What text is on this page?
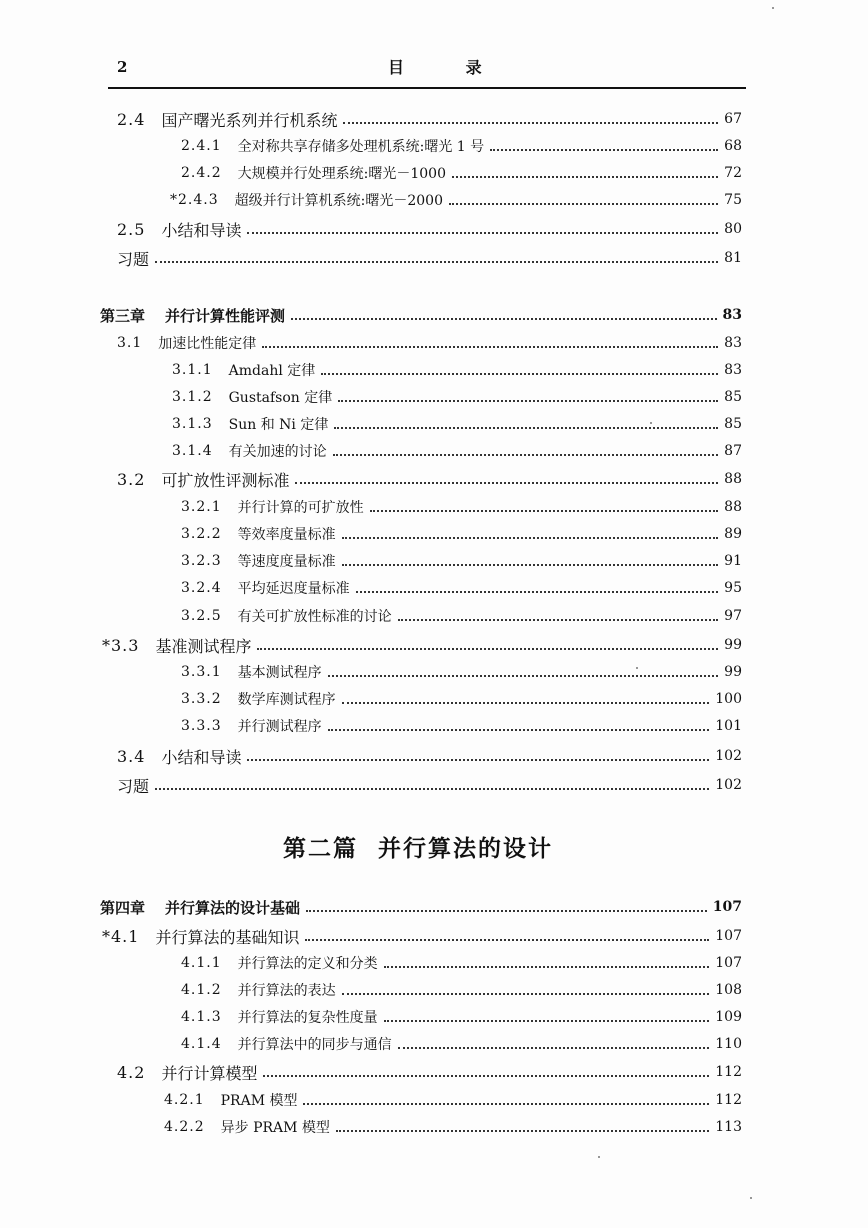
2	目 录
2.4 国产曙光系列并行机系统	67
2.4.1 全对称共享存储多处理机系统:曙光 1 号	68
2.4.2 大规模并行处理系统:曙光－1000	72
*2.4.3 超级并行计算机系统:曙光－2000	75
2.5 小结和导读	80
习题	81
第三章 并行计算性能评测	83
3.1 加速比性能定律	83
3.1.1 Amdahl 定律	83
3.1.2 Gustafson 定律	85
3.1.3 Sun 和 Ni 定律	85
3.1.4 有关加速的讨论	87
3.2 可扩放性评测标准	88
3.2.1 并行计算的可扩放性	88
3.2.2 等效率度量标准	89
3.2.3 等速度度量标准	91
3.2.4 平均延迟度量标准	95
3.2.5 有关可扩放性标准的讨论	97
*3.3 基准测试程序	99
3.3.1 基本测试程序	99
3.3.2 数学库测试程序	100
3.3.3 并行测试程序	101
3.4 小结和导读	102
习题	102
第二篇 并行算法的设计
第四章 并行算法的设计基础	107
*4.1 并行算法的基础知识	107
4.1.1 并行算法的定义和分类	107
4.1.2 并行算法的表达	108
4.1.3 并行算法的复杂性度量	109
4.1.4 并行算法中的同步与通信	110
4.2 并行计算模型	112
4.2.1 PRAM 模型	112
4.2.2 异步 PRAM 模型	113
